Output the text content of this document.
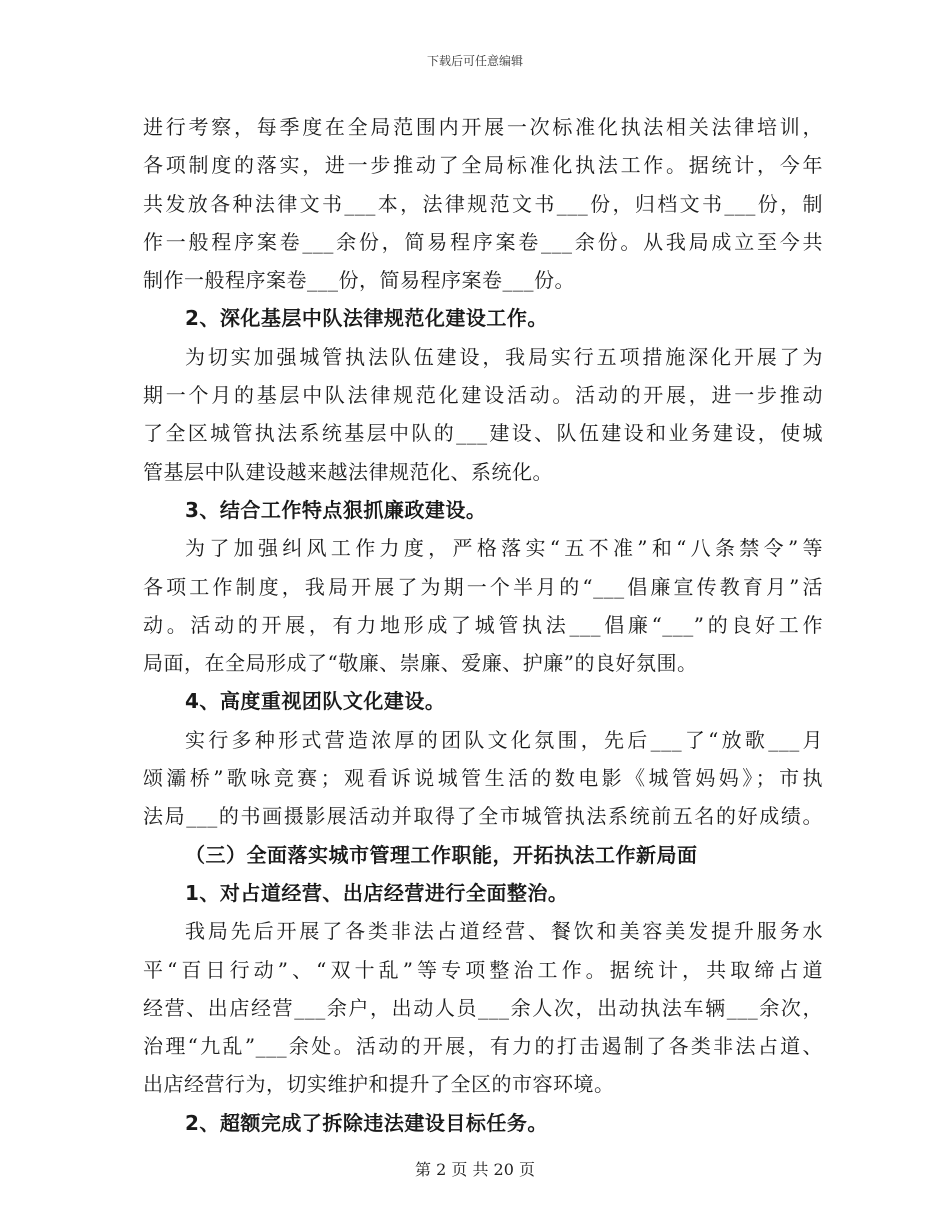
下载后可任意编辑
进行考察，每季度在全局范围内开展一次标准化执法相关法律培训，
各项制度的落实，进一步推动了全局标准化执法工作。据统计，今年
共发放各种法律文书___本，法律规范文书___份，归档文书___份，制
作一般程序案卷___余份，简易程序案卷___余份。从我局成立至今共
制作一般程序案卷___份，简易程序案卷___份。
2、深化基层中队法律规范化建设工作。
为切实加强城管执法队伍建设，我局实行五项措施深化开展了为
期一个月的基层中队法律规范化建设活动。活动的开展，进一步推动
了全区城管执法系统基层中队的___建设、队伍建设和业务建设，使城
管基层中队建设越来越法律规范化、系统化。
3、结合工作特点狠抓廉政建设。
为了加强纠风工作力度，严格落实“五不准”和“八条禁令”等
各项工作制度，我局开展了为期一个半月的“___倡廉宣传教育月”活
动。活动的开展，有力地形成了城管执法___倡廉“___”的良好工作
局面，在全局形成了“敬廉、崇廉、爱廉、护廉”的良好氛围。
4、高度重视团队文化建设。
实行多种形式营造浓厚的团队文化氛围，先后___了“放歌___月
颂灞桥”歌咏竞赛；观看诉说城管生活的数电影《城管妈妈》；市执
法局___的书画摄影展活动并取得了全市城管执法系统前五名的好成绩。
（三）全面落实城市管理工作职能，开拓执法工作新局面
1、对占道经营、出店经营进行全面整治。
我局先后开展了各类非法占道经营、餐饮和美容美发提升服务水
平“百日行动”、“双十乱”等专项整治工作。据统计，共取缔占道
经营、出店经营___余户，出动人员___余人次，出动执法车辆___余次，
治理“九乱”___余处。活动的开展，有力的打击遏制了各类非法占道、
出店经营行为，切实维护和提升了全区的市容环境。
2、超额完成了拆除违法建设目标任务。
第 2 页 共 20 页
